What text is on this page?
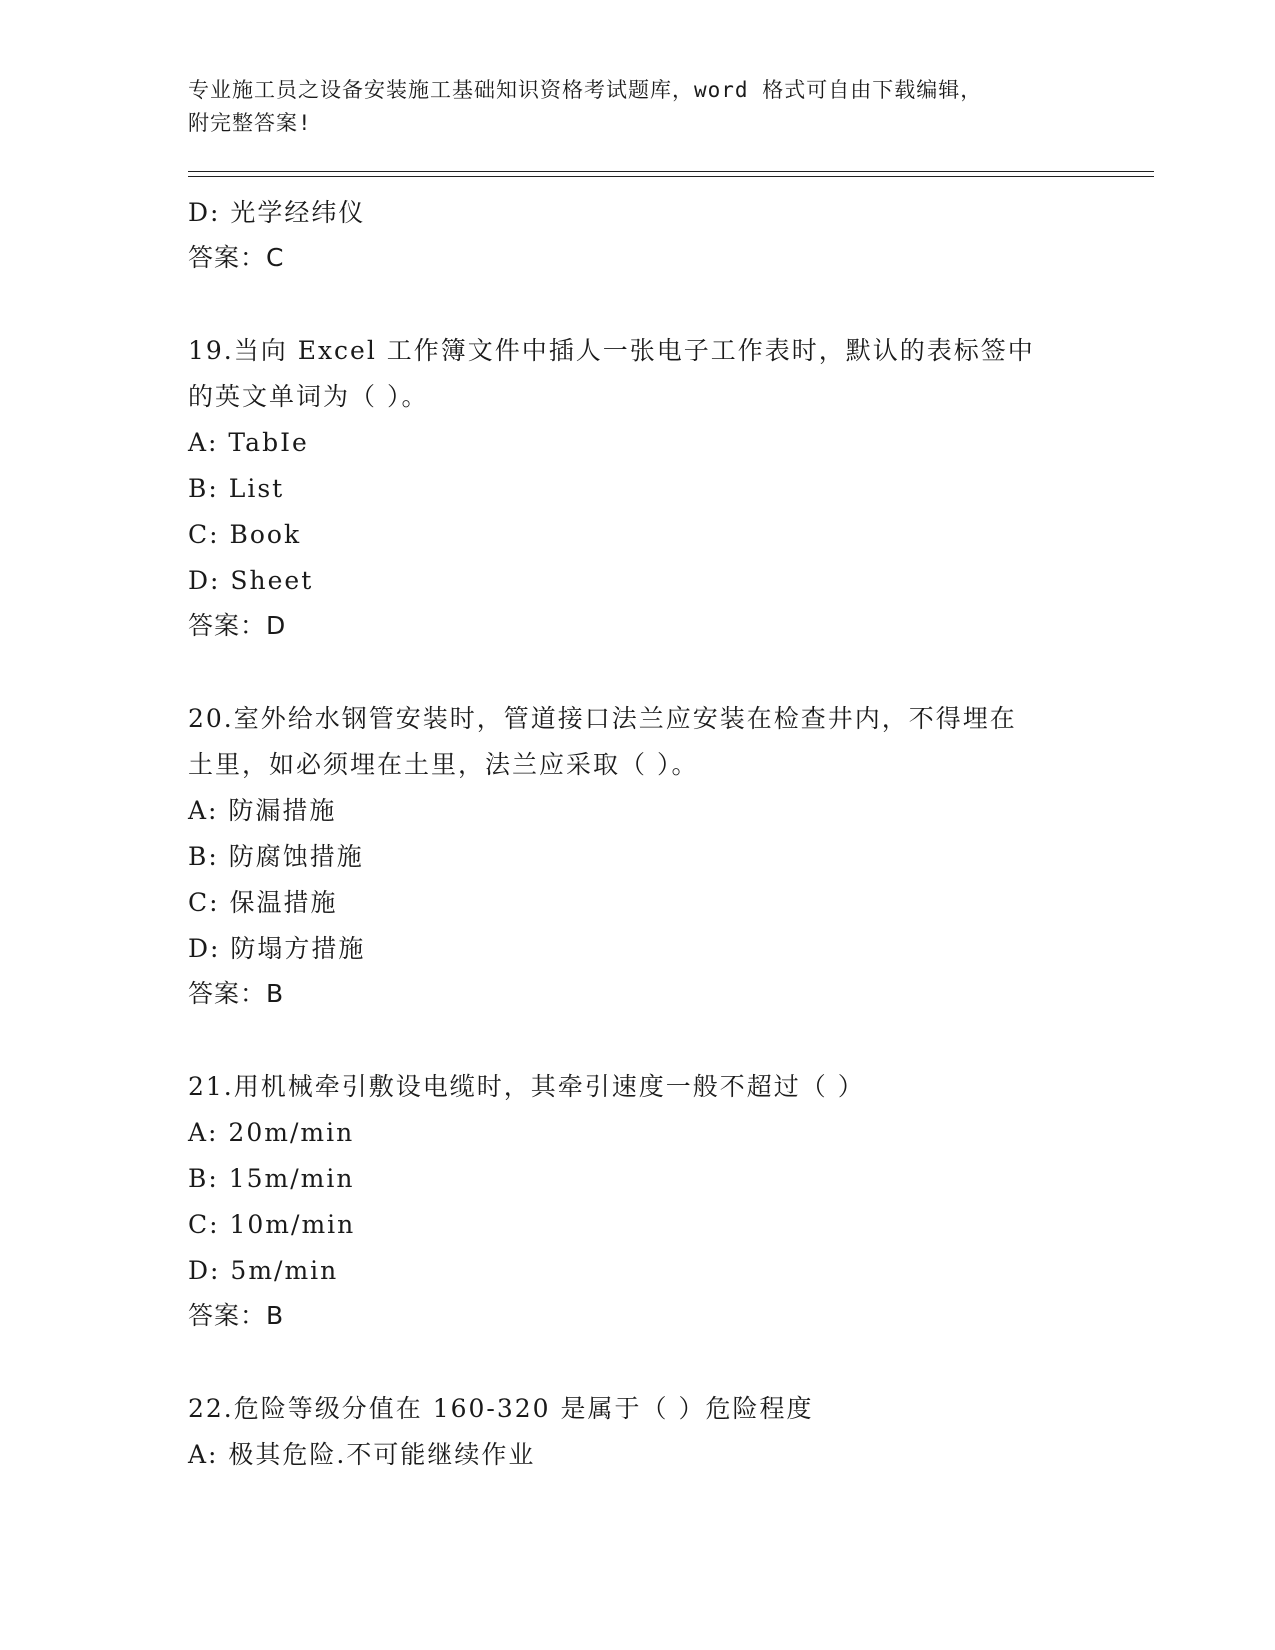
专业施工员之设备安装施工基础知识资格考试题库，word 格式可自由下载编辑，
附完整答案!
D: 光学经纬仪
答案：C
19.当向 Excel 工作簿文件中插人一张电子工作表时，默认的表标签中
的英文单词为（ ）。
A: TabIe
B: List
C: Book
D: Sheet
答案：D
20.室外给水钢管安装时，管道接口法兰应安装在检查井内，不得埋在
土里，如必须埋在土里，法兰应采取（ ）。
A: 防漏措施
B: 防腐蚀措施
C: 保温措施
D: 防塌方措施
答案：B
21.用机械牵引敷设电缆时，其牵引速度一般不超过（ ）
A: 20m/min
B: 15m/min
C: 10m/min
D: 5m/min
答案：B
22.危险等级分值在 160-320 是属于（ ）危险程度
A: 极其危险.不可能继续作业
